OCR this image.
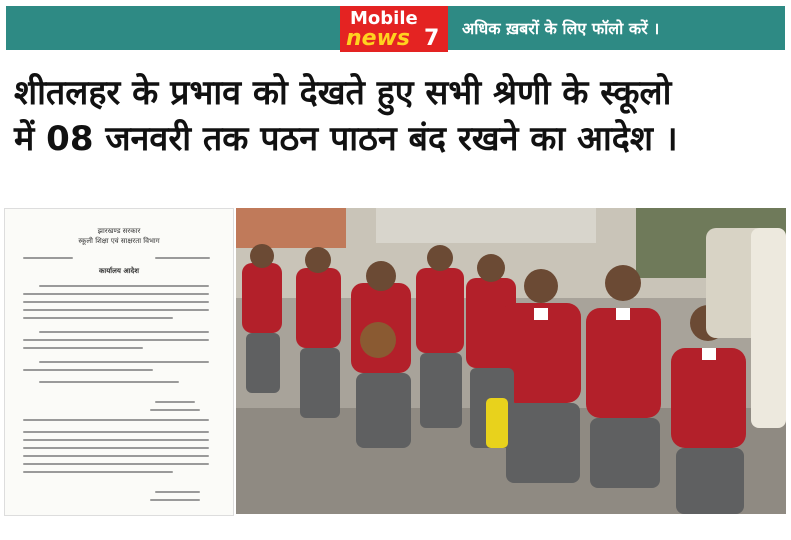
Mobile
news 7 अधिक ख़बरों के लिए फॉलो करें ।
शीतलहर के प्रभाव को देखते हुए सभी श्रेणी के स्कूलो
में 08 जनवरी तक पठन पाठन बंद रखने का आदेश ।
झारखण्ड सरकार
स्कूली शिक्षा एवं साक्षरता विभाग
कार्यालय आदेश
